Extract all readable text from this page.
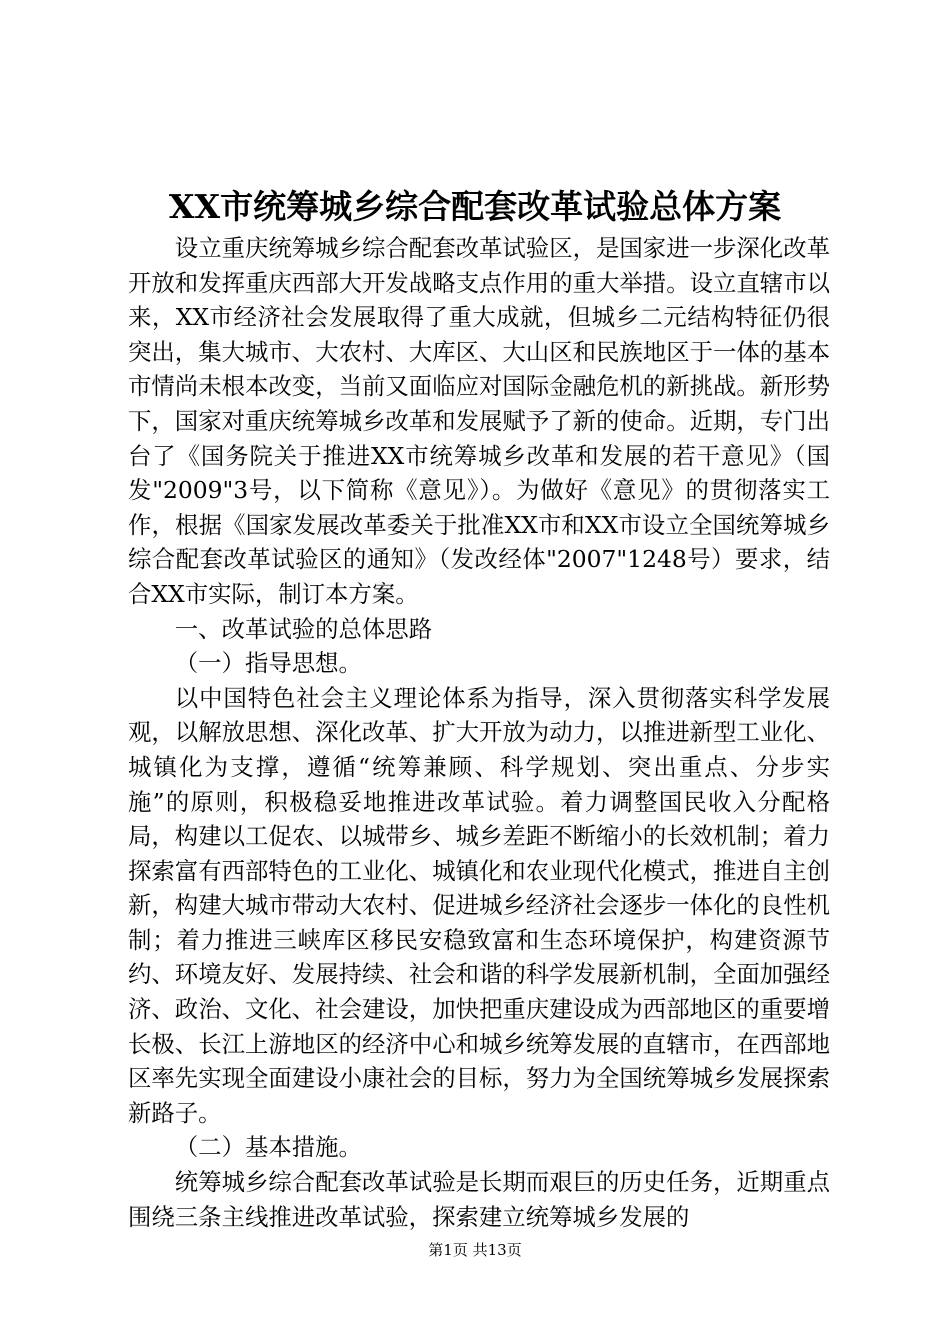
XX市统筹城乡综合配套改革试验总体方案

设立重庆统筹城乡综合配套改革试验区，是国家进一步深化改革开放和发挥重庆西部大开发战略支点作用的重大举措。设立直辖市以来，XX市经济社会发展取得了重大成就，但城乡二元结构特征仍很突出，集大城市、大农村、大库区、大山区和民族地区于一体的基本市情尚未根本改变，当前又面临应对国际金融危机的新挑战。新形势下，国家对重庆统筹城乡改革和发展赋予了新的使命。近期，专门出台了《国务院关于推进XX市统筹城乡改革和发展的若干意见》（国发"2009"3号，以下简称《意见》）。为做好《意见》的贯彻落实工作，根据《国家发展改革委关于批准XX市和XX市设立全国统筹城乡综合配套改革试验区的通知》（发改经体"2007"1248号）要求，结合XX市实际，制订本方案。

一、改革试验的总体思路

（一）指导思想。

以中国特色社会主义理论体系为指导，深入贯彻落实科学发展观，以解放思想、深化改革、扩大开放为动力，以推进新型工业化、城镇化为支撑，遵循“统筹兼顾、科学规划、突出重点、分步实施”的原则，积极稳妥地推进改革试验。着力调整国民收入分配格局，构建以工促农、以城带乡、城乡差距不断缩小的长效机制；着力探索富有西部特色的工业化、城镇化和农业现代化模式，推进自主创新，构建大城市带动大农村、促进城乡经济社会逐步一体化的良性机制；着力推进三峡库区移民安稳致富和生态环境保护，构建资源节约、环境友好、发展持续、社会和谐的科学发展新机制，全面加强经济、政治、文化、社会建设，加快把重庆建设成为西部地区的重要增长极、长江上游地区的经济中心和城乡统筹发展的直辖市，在西部地区率先实现全面建设小康社会的目标，努力为全国统筹城乡发展探索新路子。

（二）基本措施。

统筹城乡综合配套改革试验是长期而艰巨的历史任务，近期重点围绕三条主线推进改革试验，探索建立统筹城乡发展的

第1页 共13页
